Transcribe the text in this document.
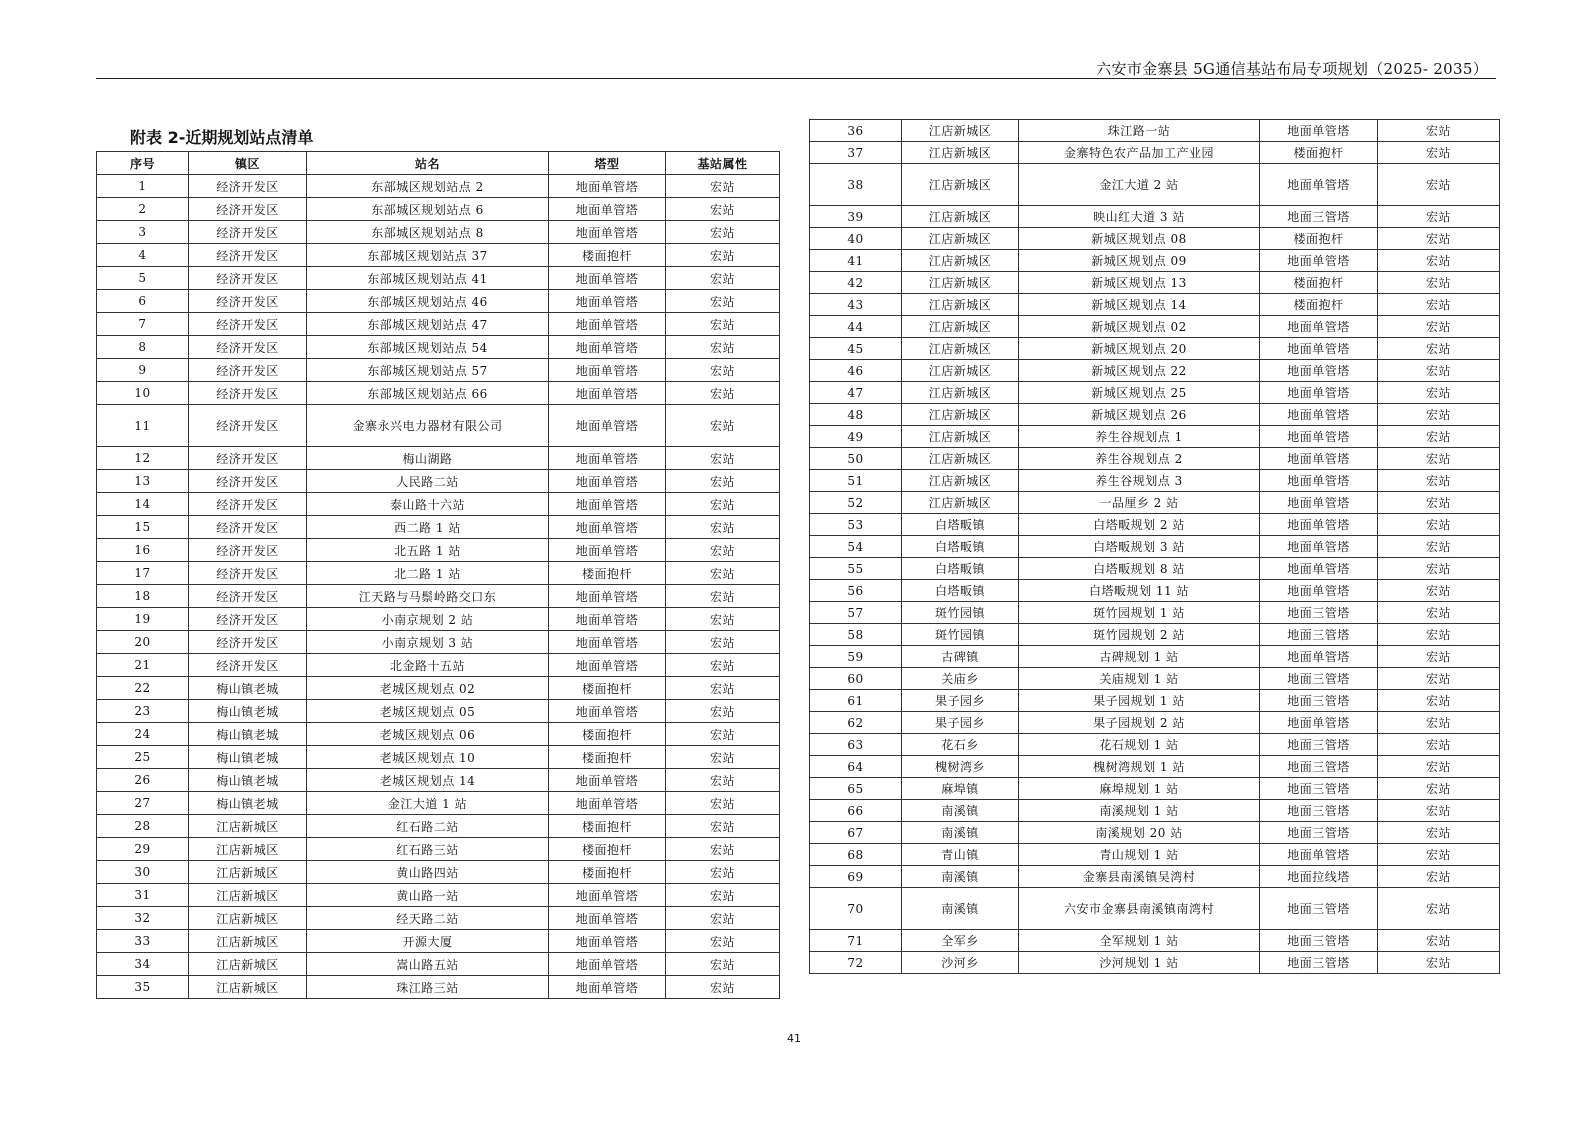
六安市金寨县 5G通信基站布局专项规划（2025- 2035）
附表 2-近期规划站点清单
序号	镇区	站名	塔型	基站属性
1	经济开发区	东部城区规划站点 2	地面单管塔	宏站
2	经济开发区	东部城区规划站点 6	地面单管塔	宏站
3	经济开发区	东部城区规划站点 8	地面单管塔	宏站
4	经济开发区	东部城区规划站点 37	楼面抱杆	宏站
5	经济开发区	东部城区规划站点 41	地面单管塔	宏站
6	经济开发区	东部城区规划站点 46	地面单管塔	宏站
7	经济开发区	东部城区规划站点 47	地面单管塔	宏站
8	经济开发区	东部城区规划站点 54	地面单管塔	宏站
9	经济开发区	东部城区规划站点 57	地面单管塔	宏站
10	经济开发区	东部城区规划站点 66	地面单管塔	宏站
11	经济开发区	金寨永兴电力器材有限公司	地面单管塔	宏站
12	经济开发区	梅山湖路	地面单管塔	宏站
13	经济开发区	人民路二站	地面单管塔	宏站
14	经济开发区	泰山路十六站	地面单管塔	宏站
15	经济开发区	西二路 1 站	地面单管塔	宏站
16	经济开发区	北五路 1 站	地面单管塔	宏站
17	经济开发区	北二路 1 站	楼面抱杆	宏站
18	经济开发区	江天路与马鬃岭路交口东	地面单管塔	宏站
19	经济开发区	小南京规划 2 站	地面单管塔	宏站
20	经济开发区	小南京规划 3 站	地面单管塔	宏站
21	经济开发区	北金路十五站	地面单管塔	宏站
22	梅山镇老城	老城区规划点 02	楼面抱杆	宏站
23	梅山镇老城	老城区规划点 05	地面单管塔	宏站
24	梅山镇老城	老城区规划点 06	楼面抱杆	宏站
25	梅山镇老城	老城区规划点 10	楼面抱杆	宏站
26	梅山镇老城	老城区规划点 14	地面单管塔	宏站
27	梅山镇老城	金江大道 1 站	地面单管塔	宏站
28	江店新城区	红石路二站	楼面抱杆	宏站
29	江店新城区	红石路三站	楼面抱杆	宏站
30	江店新城区	黄山路四站	楼面抱杆	宏站
31	江店新城区	黄山路一站	地面单管塔	宏站
32	江店新城区	经天路二站	地面单管塔	宏站
33	江店新城区	开源大厦	地面单管塔	宏站
34	江店新城区	嵩山路五站	地面单管塔	宏站
35	江店新城区	珠江路三站	地面单管塔	宏站
36	江店新城区	珠江路一站	地面单管塔	宏站
37	江店新城区	金寨特色农产品加工产业园	楼面抱杆	宏站
38	江店新城区	金江大道 2 站	地面单管塔	宏站
39	江店新城区	映山红大道 3 站	地面三管塔	宏站
40	江店新城区	新城区规划点 08	楼面抱杆	宏站
41	江店新城区	新城区规划点 09	地面单管塔	宏站
42	江店新城区	新城区规划点 13	楼面抱杆	宏站
43	江店新城区	新城区规划点 14	楼面抱杆	宏站
44	江店新城区	新城区规划点 02	地面单管塔	宏站
45	江店新城区	新城区规划点 20	地面单管塔	宏站
46	江店新城区	新城区规划点 22	地面单管塔	宏站
47	江店新城区	新城区规划点 25	地面单管塔	宏站
48	江店新城区	新城区规划点 26	地面单管塔	宏站
49	江店新城区	养生谷规划点 1	地面单管塔	宏站
50	江店新城区	养生谷规划点 2	地面单管塔	宏站
51	江店新城区	养生谷规划点 3	地面单管塔	宏站
52	江店新城区	一品厘乡 2 站	地面单管塔	宏站
53	白塔畈镇	白塔畈规划 2 站	地面单管塔	宏站
54	白塔畈镇	白塔畈规划 3 站	地面单管塔	宏站
55	白塔畈镇	白塔畈规划 8 站	地面单管塔	宏站
56	白塔畈镇	白塔畈规划 11 站	地面单管塔	宏站
57	斑竹园镇	斑竹园规划 1 站	地面三管塔	宏站
58	斑竹园镇	斑竹园规划 2 站	地面三管塔	宏站
59	古碑镇	古碑规划 1 站	地面单管塔	宏站
60	关庙乡	关庙规划 1 站	地面三管塔	宏站
61	果子园乡	果子园规划 1 站	地面三管塔	宏站
62	果子园乡	果子园规划 2 站	地面单管塔	宏站
63	花石乡	花石规划 1 站	地面三管塔	宏站
64	槐树湾乡	槐树湾规划 1 站	地面三管塔	宏站
65	麻埠镇	麻埠规划 1 站	地面三管塔	宏站
66	南溪镇	南溪规划 1 站	地面三管塔	宏站
67	南溪镇	南溪规划 20 站	地面三管塔	宏站
68	青山镇	青山规划 1 站	地面单管塔	宏站
69	南溪镇	金寨县南溪镇吴湾村	地面拉线塔	宏站
70	南溪镇	六安市金寨县南溪镇南湾村	地面三管塔	宏站
71	全军乡	全军规划 1 站	地面三管塔	宏站
72	沙河乡	沙河规划 1 站	地面三管塔	宏站
41
